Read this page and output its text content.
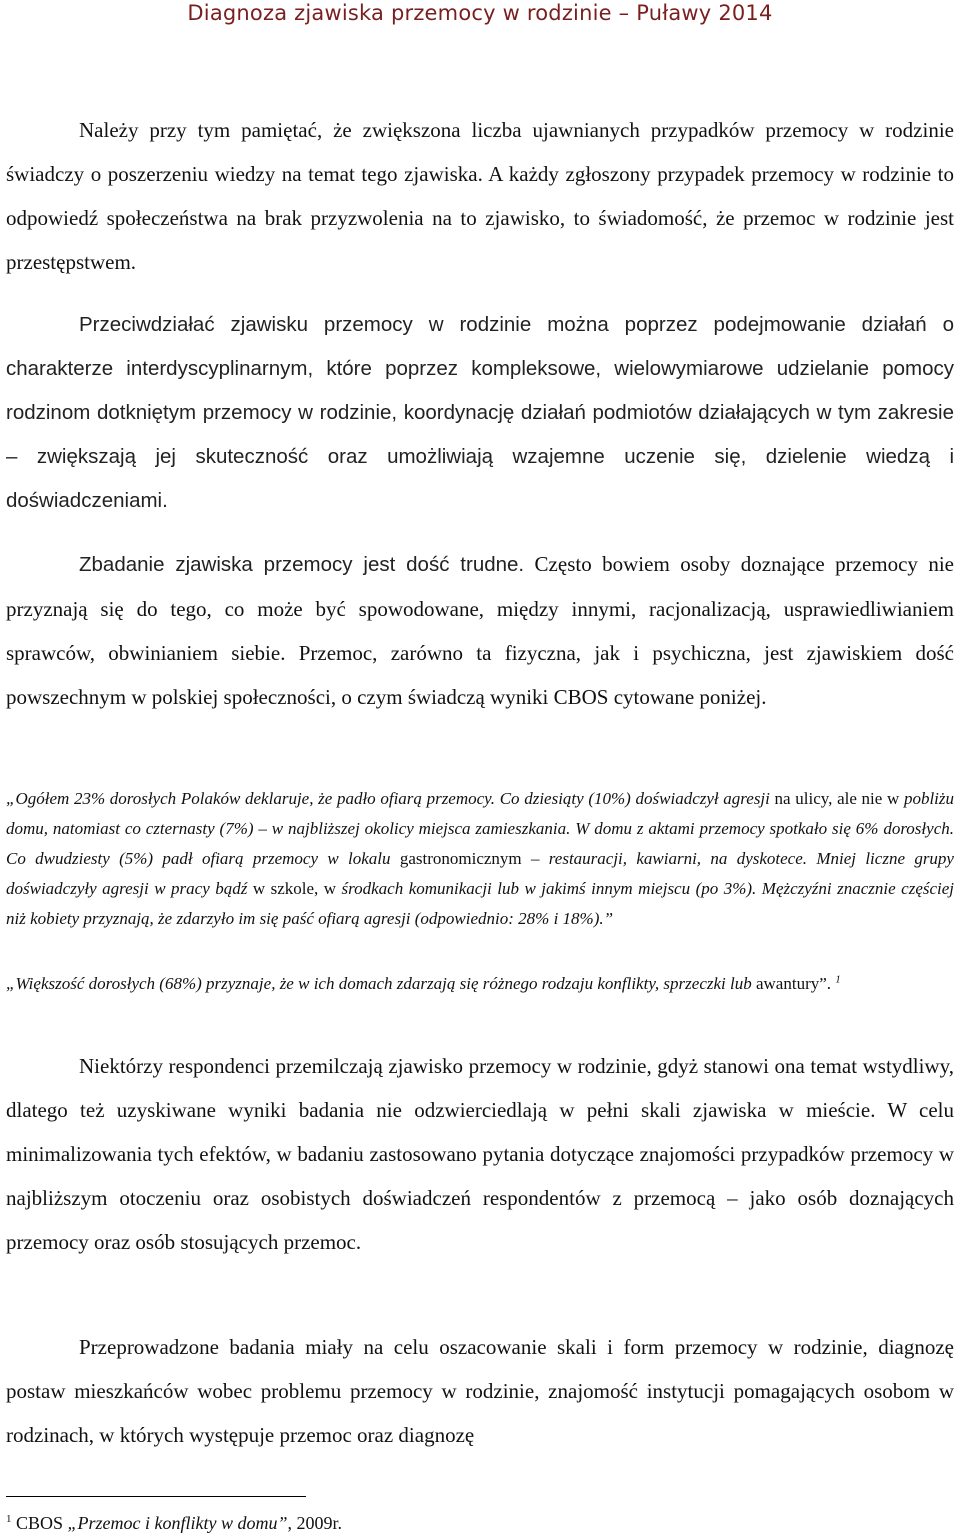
Diagnoza zjawiska przemocy w rodzinie – Puławy 2014

Należy przy tym pamiętać, że zwiększona liczba ujawnianych przypadków przemocy w rodzinie świadczy o poszerzeniu wiedzy na temat tego zjawiska. A każdy zgłoszony przypadek przemocy w rodzinie to odpowiedź społeczeństwa na brak przyzwolenia na to zjawisko, to świadomość, że przemoc w rodzinie jest przestępstwem.

Przeciwdziałać zjawisku przemocy w rodzinie można poprzez podejmowanie działań o charakterze interdyscyplinarnym, które poprzez kompleksowe, wielowymiarowe udzielanie pomocy rodzinom dotkniętym przemocy w rodzinie, koordynację działań podmiotów działających w tym zakresie – zwiększają jej skuteczność oraz umożliwiają wzajemne uczenie się, dzielenie wiedzą i doświadczeniami.

Zbadanie zjawiska przemocy jest dość trudne. Często bowiem osoby doznające przemocy nie przyznają się do tego, co może być spowodowane, między innymi, racjonalizacją, usprawiedliwianiem sprawców, obwinianiem siebie. Przemoc, zarówno ta fizyczna, jak i psychiczna, jest zjawiskiem dość powszechnym w polskiej społeczności, o czym świadczą wyniki CBOS cytowane poniżej.

„Ogółem 23% dorosłych Polaków deklaruje, że padło ofiarą przemocy. Co dziesiąty (10%) doświadczył agresji na ulicy, ale nie w pobliżu domu, natomiast co czternasty (7%) – w najbliższej okolicy miejsca zamieszkania. W domu z aktami przemocy spotkało się 6% dorosłych. Co dwudziesty (5%) padł ofiarą przemocy w lokalu gastronomicznym – restauracji, kawiarni, na dyskotece. Mniej liczne grupy doświadczyły agresji w pracy bądź w szkole, w środkach komunikacji lub w jakimś innym miejscu (po 3%). Mężczyźni znacznie częściej niż kobiety przyznają, że zdarzyło im się paść ofiarą agresji (odpowiednio: 28% i 18%).”

„Większość dorosłych (68%) przyznaje, że w ich domach zdarzają się różnego rodzaju konflikty, sprzeczki lub awantury”. $^1$

Niektórzy respondenci przemilczają zjawisko przemocy w rodzinie, gdyż stanowi ona temat wstydliwy, dlatego też uzyskiwane wyniki badania nie odzwierciedlają w pełni skali zjawiska w mieście. W celu minimalizowania tych efektów, w badaniu zastosowano pytania dotyczące znajomości przypadków przemocy w najbliższym otoczeniu oraz osobistych doświadczeń respondentów z przemocą – jako osób doznających przemocy oraz osób stosujących przemoc.

Przeprowadzone badania miały na celu oszacowanie skali i form przemocy w rodzinie, diagnozę postaw mieszkańców wobec problemu przemocy w rodzinie, znajomość instytucji pomagających osobom w rodzinach, w których występuje przemoc oraz diagnozę

$^1$ CBOS „Przemoc i konflikty w domu”, 2009r.
